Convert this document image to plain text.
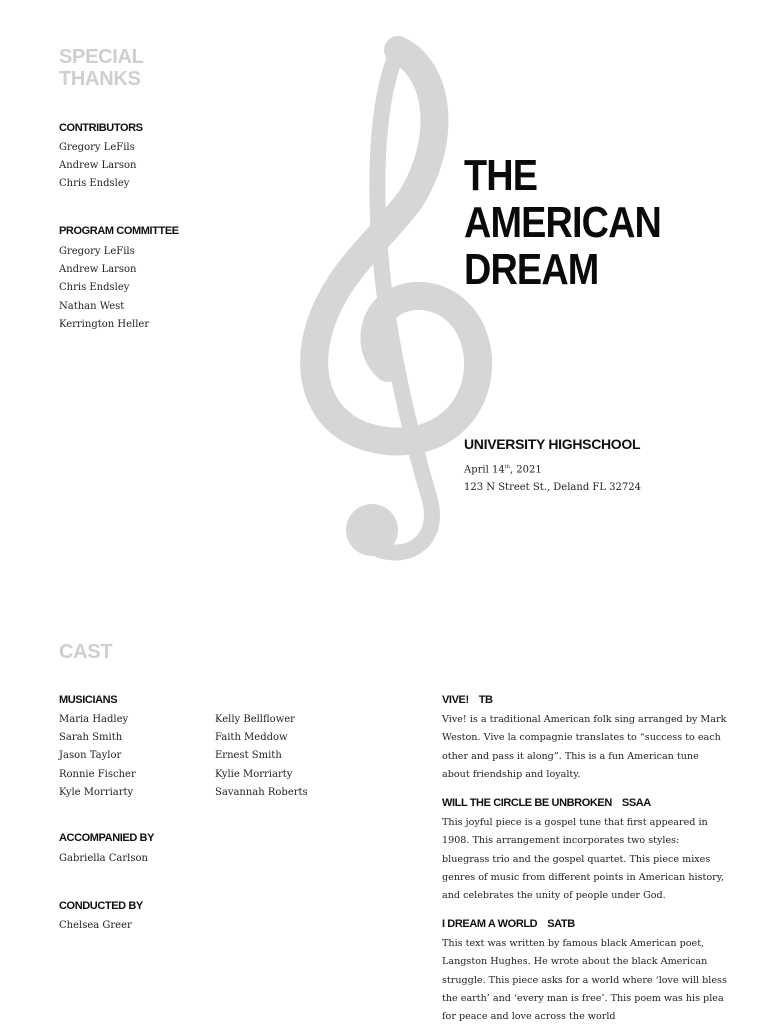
SPECIAL THANKS
CONTRIBUTORS
Gregory LeFils
Andrew Larson
Chris Endsley
PROGRAM COMMITTEE
Gregory LeFils
Andrew Larson
Chris Endsley
Nathan West
Kerrington Heller
THE AMERICAN DREAM
UNIVERSITY HIGHSCHOOL
April 14th, 2021
123 N Street St., Deland FL 32724
CAST
MUSICIANS
Maria Hadley
Sarah Smith
Jason Taylor
Ronnie Fischer
Kyle Morriarty
Kelly Bellflower
Faith Meddow
Ernest Smith
Kylie Morriarty
Savannah Roberts
ACCOMPANIED BY
Gabriella Carlson
CONDUCTED BY
Chelsea Greer
VIVE! TB
Vive! is a traditional American folk sing arranged by Mark Weston. Vive la compagnie translates to “success to each other and pass it along”. This is a fun American tune about friendship and loyalty.
WILL THE CIRCLE BE UNBROKEN SSAA
This joyful piece is a gospel tune that first appeared in 1908. This arrangement incorporates two styles: bluegrass trio and the gospel quartet. This piece mixes genres of music from different points in American history, and celebrates the unity of people under God.
I DREAM A WORLD SATB
This text was written by famous black American poet, Langston Hughes. He wrote about the black American struggle. This piece asks for a world where ‘love will bless the earth’ and ‘every man is free’. This poem was his plea for peace and love across the world
